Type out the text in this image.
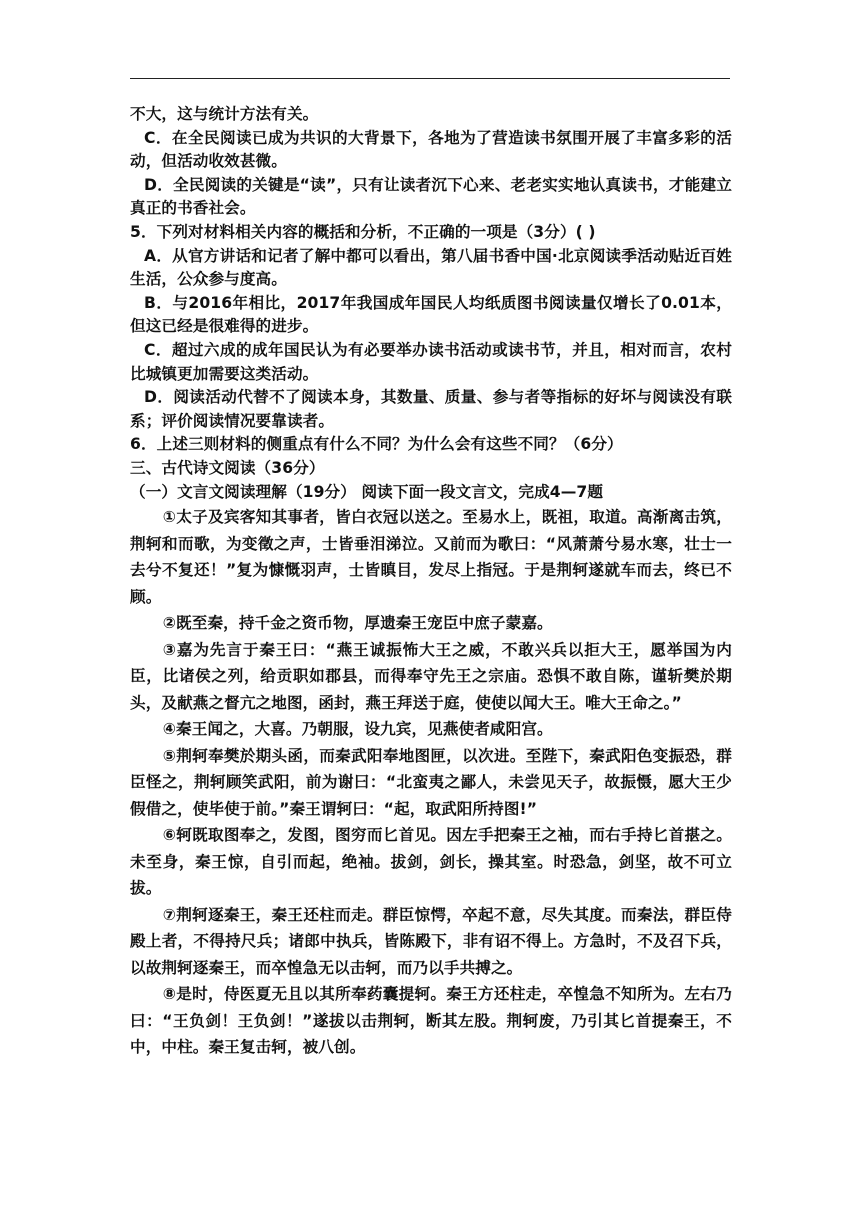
不大，这与统计方法有关。

C．在全民阅读已成为共识的大背景下，各地为了营造读书氛围开展了丰富多彩的活动，但活动收效甚微。

D．全民阅读的关键是“读”，只有让读者沉下心来、老老实实地认真读书，才能建立真正的书香社会。

5．下列对材料相关内容的概括和分析，不正确的一项是（3分）( )

A．从官方讲话和记者了解中都可以看出，第八届书香中国·北京阅读季活动贴近百姓生活，公众参与度高。

B．与2016年相比，2017年我国成年国民人均纸质图书阅读量仅增长了0.01本，但这已经是很难得的进步。

C．超过六成的成年国民认为有必要举办读书活动或读书节，并且，相对而言，农村比城镇更加需要这类活动。

D．阅读活动代替不了阅读本身，其数量、质量、参与者等指标的好坏与阅读没有联系；评价阅读情况要靠读者。

6．上述三则材料的侧重点有什么不同？为什么会有这些不同？（6分）

三、古代诗文阅读（36分）

（一）文言文阅读理解（19分） 阅读下面一段文言文，完成4—7题

①太子及宾客知其事者，皆白衣冠以送之。至易水上，既祖，取道。高渐离击筑，荆轲和而歌，为变徵之声，士皆垂泪涕泣。又前而为歌曰：“风萧萧兮易水寒，壮士一去兮不复还！”复为慷慨羽声，士皆瞋目，发尽上指冠。于是荆轲遂就车而去，终已不顾。

②既至秦，持千金之资币物，厚遗秦王宠臣中庶子蒙嘉。

③嘉为先言于秦王曰：“燕王诚振怖大王之威，不敢兴兵以拒大王，愿举国为内臣，比诸侯之列，给贡职如郡县，而得奉守先王之宗庙。恐惧不敢自陈，谨斩樊於期头，及献燕之督亢之地图，函封，燕王拜送于庭，使使以闻大王。唯大王命之。”

④秦王闻之，大喜。乃朝服，设九宾，见燕使者咸阳宫。

⑤荆轲奉樊於期头函，而秦武阳奉地图匣，以次进。至陛下，秦武阳色变振恐，群臣怪之，荆轲顾笑武阳，前为谢曰：“北蛮夷之鄙人，未尝见天子，故振慑，愿大王少假借之，使毕使于前。”秦王谓轲曰：“起，取武阳所持图!”

⑥轲既取图奉之，发图，图穷而匕首见。因左手把秦王之袖，而右手持匕首揕之。未至身，秦王惊，自引而起，绝袖。拔剑，剑长，操其室。时恐急，剑坚，故不可立拔。

⑦荆轲逐秦王，秦王还柱而走。群臣惊愕，卒起不意，尽失其度。而秦法，群臣侍殿上者，不得持尺兵；诸郎中执兵，皆陈殿下，非有诏不得上。方急时，不及召下兵，以故荆轲逐秦王，而卒惶急无以击轲，而乃以手共搏之。

⑧是时，侍医夏无且以其所奉药囊提轲。秦王方还柱走，卒惶急不知所为。左右乃曰：“王负剑！王负剑！”遂拔以击荆轲，断其左股。荆轲废，乃引其匕首提秦王，不中，中柱。秦王复击轲，被八创。
